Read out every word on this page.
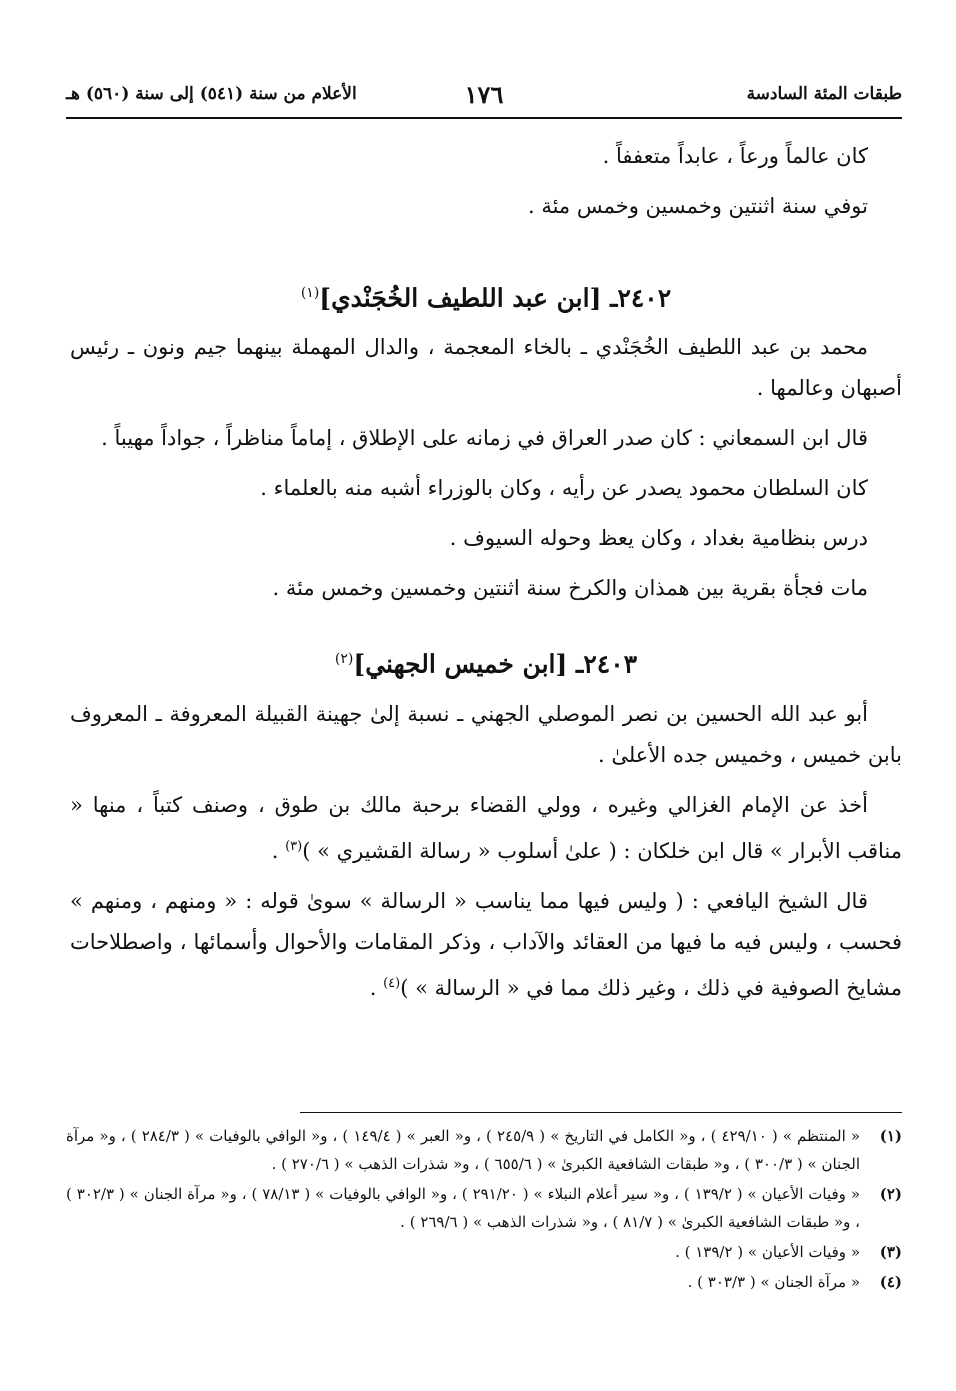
طبقات المئة السادسة
١٧٦
الأعلام من سنة (٥٤١) إلى سنة (٥٦٠) هـ

كان عالماً ورعاً ، عابداً متعففاً .

توفي سنة اثنتين وخمسين وخمس مئة .

٢٤٠٢ـ [ابن عبد اللطيف الخُجَنْدي]$^{(١)}$

محمد بن عبد اللطيف الخُجَنْدي ـ بالخاء المعجمة ، والدال المهملة بينهما جيم ونون ـ رئيس أصبهان وعالمها .

قال ابن السمعاني : كان صدر العراق في زمانه على الإطلاق ، إماماً مناظراً ، جواداً مهيباً .

كان السلطان محمود يصدر عن رأيه ، وكان بالوزراء أشبه منه بالعلماء .

درس بنظامية بغداد ، وكان يعظ وحوله السيوف .

مات فجأة بقرية بين همذان والكرخ سنة اثنتين وخمسين وخمس مئة .

٢٤٠٣ـ [ابن خميس الجهني]$^{(٢)}$

أبو عبد الله الحسين بن نصر الموصلي الجهني ـ نسبة إلىٰ جهينة القبيلة المعروفة ـ المعروف بابن خميس ، وخميس جده الأعلىٰ .

أخذ عن الإمام الغزالي وغيره ، وولي القضاء برحبة مالك بن طوق ، وصنف كتباً ، منها « مناقب الأبرار » قال ابن خلكان : ( علىٰ أسلوب « رسالة القشيري » )$^{(٣)}$ .

قال الشيخ اليافعي : ( وليس فيها مما يناسب « الرسالة » سوىٰ قوله : « ومنهم ، ومنهم » فحسب ، وليس فيه ما فيها من العقائد والآداب ، وذكر المقامات والأحوال وأسمائها ، واصطلاحات مشايخ الصوفية في ذلك ، وغير ذلك مما في « الرسالة » )$^{(٤)}$ .

(١)
« المنتظم » ( ٤٢٩/١٠ ) ، و« الكامل في التاريخ » ( ٢٤٥/٩ ) ، و« العبر » ( ١٤٩/٤ ) ، و« الوافي بالوفيات » ( ٢٨٤/٣ ) ، و« مرآة الجنان » ( ٣٠٠/٣ ) ، و« طبقات الشافعية الكبرىٰ » ( ٦٥٥/٦ ) ، و« شذرات الذهب » ( ٢٧٠/٦ ) .
(٢)
« وفيات الأعيان » ( ١٣٩/٢ ) ، و« سير أعلام النبلاء » ( ٢٩١/٢٠ ) ، و« الوافي بالوفيات » ( ٧٨/١٣ ) ، و« مرآة الجنان » ( ٣٠٢/٣ ) ، و« طبقات الشافعية الكبرىٰ » ( ٨١/٧ ) ، و« شذرات الذهب » ( ٢٦٩/٦ ) .
(٣)
« وفيات الأعيان » ( ١٣٩/٢ ) .
(٤)
« مرآة الجنان » ( ٣٠٣/٣ ) .
